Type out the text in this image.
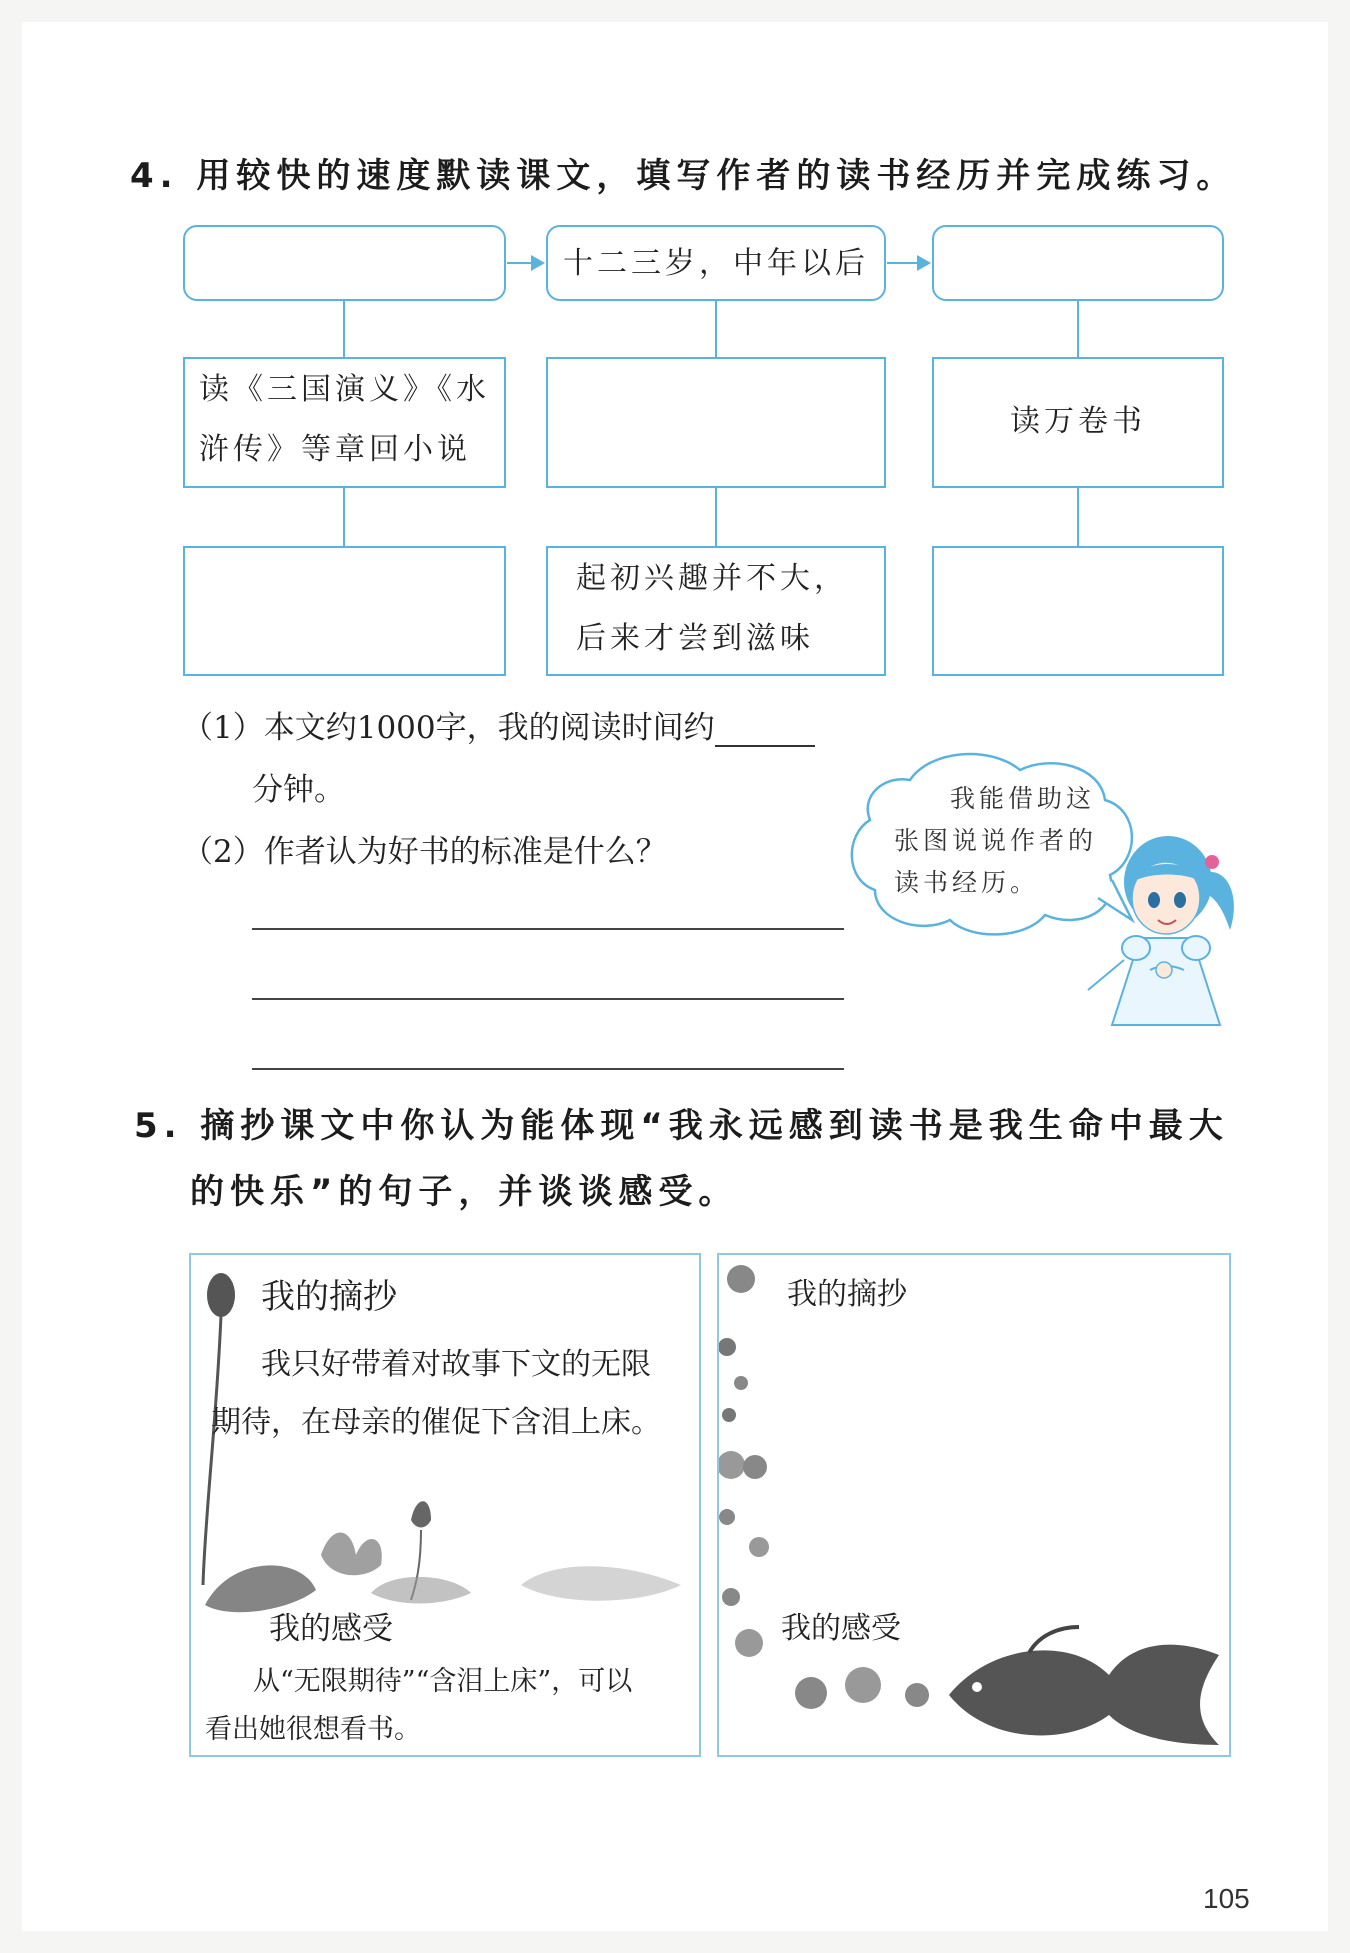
4. 用较快的速度默读课文，填写作者的读书经历并完成练习。
十二三岁，中年以后
读《三国演义》《水
浒传》等章回小说
读万卷书
起初兴趣并不大，
后来才尝到滋味
（1）本文约1000字，我的阅读时间约
分钟。
（2）作者认为好书的标准是什么？
我能借助这
张图说说作者的
读书经历。
5. 摘抄课文中你认为能体现“我永远感到读书是我生命中最大
的快乐”的句子，并谈谈感受。
我的摘抄
我只好带着对故事下文的无限
期待，在母亲的催促下含泪上床。
我的感受
从“无限期待”“含泪上床”，可以
看出她很想看书。
我的摘抄
我的感受
105
